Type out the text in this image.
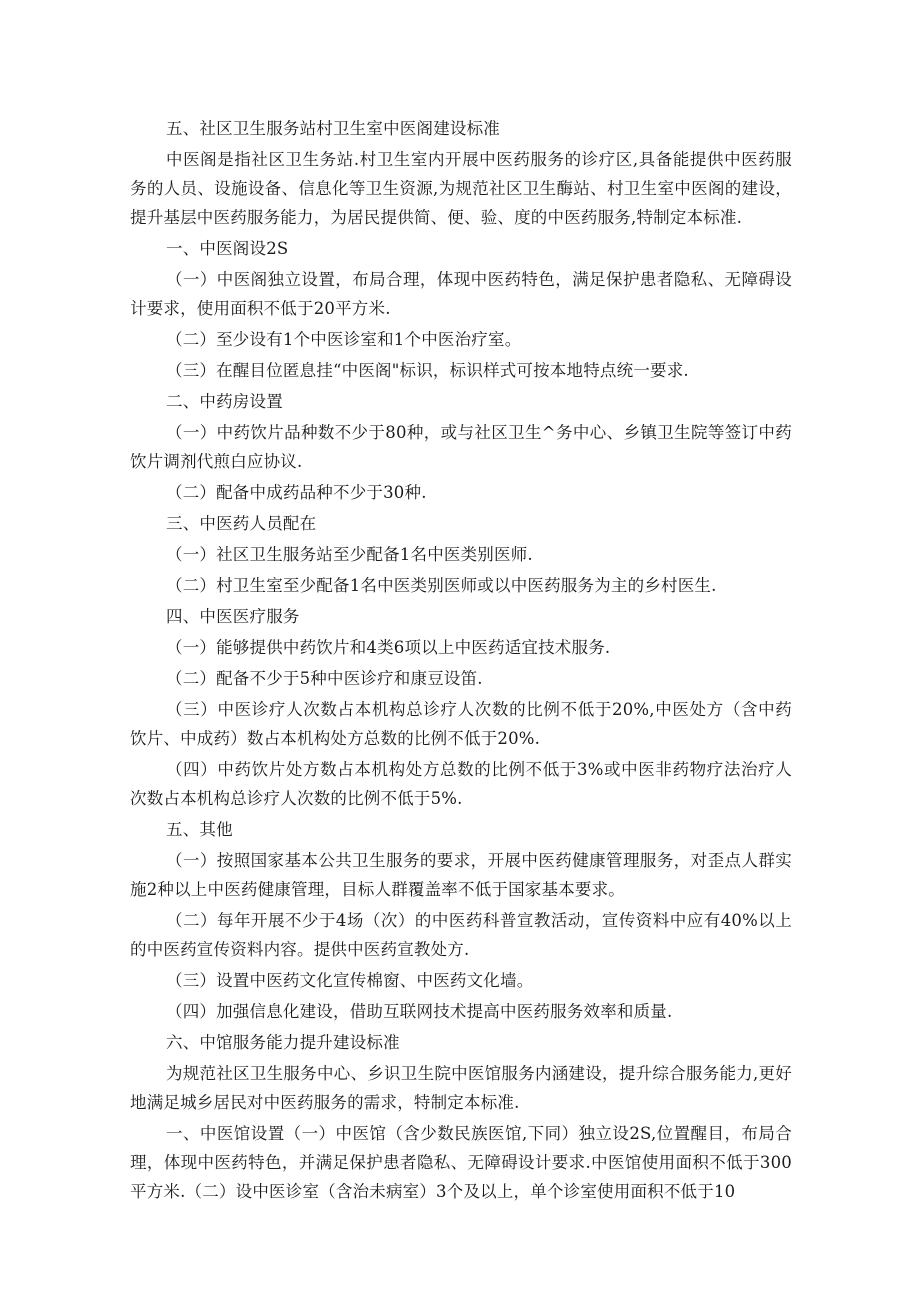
五、社区卫生服务站村卫生室中医阁建设标准

中医阁是指社区卫生务站.村卫生室内开展中医药服务的诊疗区,具备能提供中医药服务的人员、设施设备、信息化等卫生资源,为规范社区卫生酶站、村卫生室中医阁的建设，提升基层中医药服务能力，为居民提供简、便、验、度的中医药服务,特制定本标准.

一、中医阁设2S

（一）中医阁独立设置，布局合理，体现中医药特色，满足保护患者隐私、无障碍设计要求，使用面积不低于20平方米.

（二）至少设有1个中医诊室和1个中医治疗室。

（三）在醒目位匿息挂“中医阁"标识，标识样式可按本地特点统一要求.

二、中药房设置

（一）中药饮片品种数不少于80种，或与社区卫生^务中心、乡镇卫生院等签订中药饮片调剂代煎白应协议.

（二）配备中成药品种不少于30种.

三、中医药人员配在

（一）社区卫生服务站至少配备1名中医类别医师.

（二）村卫生室至少配备1名中医类别医师或以中医药服务为主的乡村医生.

四、中医医疗服务

（一）能够提供中药饮片和4类6项以上中医药适宜技术服务.

（二）配备不少于5种中医诊疗和康豆设笛.

（三）中医诊疗人次数占本机构总诊疗人次数的比例不低于20%,中医处方（含中药饮片、中成药）数占本机构处方总数的比例不低于20%.

（四）中药饮片处方数占本机构处方总数的比例不低于3%或中医非药物疗法治疗人次数占本机构总诊疗人次数的比例不低于5%.

五、其他

（一）按照国家基本公共卫生服务的要求，开展中医药健康管理服务，对歪点人群实施2种以上中医药健康管理，目标人群覆盖率不低于国家基本要求。

（二）每年开展不少于4场（次）的中医药科普宣教活动，宣传资料中应有40%以上的中医药宣传资料内容。提供中医药宣教处方.

（三）设置中医药文化宣传棉窗、中医药文化墙。

（四）加强信息化建设，借助互联网技术提高中医药服务效率和质量.

六、中馆服务能力提升建设标准

为规范社区卫生服务中心、乡识卫生院中医馆服务内涵建设，提升综合服务能力,更好地满足城乡居民对中医药服务的需求，特制定本标准.

一、中医馆设置（一）中医馆（含少数民族医馆,下同）独立设2S,位置醒目，布局合理，体现中医药特色，并满足保护患者隐私、无障碍设计要求.中医馆使用面积不低于300平方米.（二）设中医诊室（含治未病室）3个及以上，单个诊室使用面积不低于10
